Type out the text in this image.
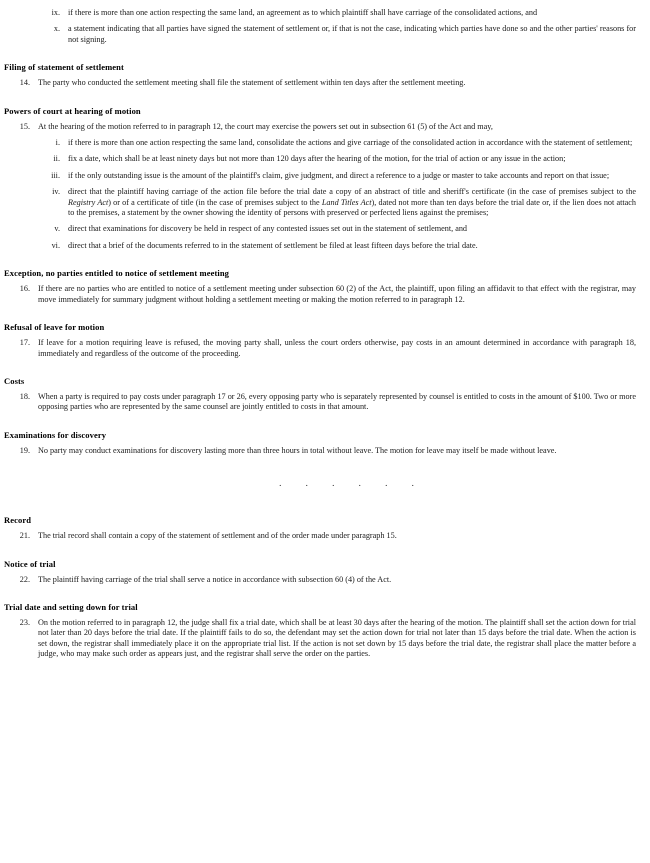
ix. if there is more than one action respecting the same land, an agreement as to which plaintiff shall have carriage of the consolidated actions, and
x. a statement indicating that all parties have signed the statement of settlement or, if that is not the case, indicating which parties have done so and the other parties' reasons for not signing.
Filing of statement of settlement
14. The party who conducted the settlement meeting shall file the statement of settlement within ten days after the settlement meeting.
Powers of court at hearing of motion
15. At the hearing of the motion referred to in paragraph 12, the court may exercise the powers set out in subsection 61 (5) of the Act and may,
i. if there is more than one action respecting the same land, consolidate the actions and give carriage of the consolidated action in accordance with the statement of settlement;
ii. fix a date, which shall be at least ninety days but not more than 120 days after the hearing of the motion, for the trial of action or any issue in the action;
iii. if the only outstanding issue is the amount of the plaintiff's claim, give judgment, and direct a reference to a judge or master to take accounts and report on that issue;
iv. direct that the plaintiff having carriage of the action file before the trial date a copy of an abstract of title and sheriff's certificate (in the case of premises subject to the Registry Act) or of a certificate of title (in the case of premises subject to the Land Titles Act), dated not more than ten days before the trial date or, if the lien does not attach to the premises, a statement by the owner showing the identity of persons with preserved or perfected liens against the premises;
v. direct that examinations for discovery be held in respect of any contested issues set out in the statement of settlement, and
vi. direct that a brief of the documents referred to in the statement of settlement be filed at least fifteen days before the trial date.
Exception, no parties entitled to notice of settlement meeting
16. If there are no parties who are entitled to notice of a settlement meeting under subsection 60 (2) of the Act, the plaintiff, upon filing an affidavit to that effect with the registrar, may move immediately for summary judgment without holding a settlement meeting or making the motion referred to in paragraph 12.
Refusal of leave for motion
17. If leave for a motion requiring leave is refused, the moving party shall, unless the court orders otherwise, pay costs in an amount determined in accordance with paragraph 18, immediately and regardless of the outcome of the proceeding.
Costs
18. When a party is required to pay costs under paragraph 17 or 26, every opposing party who is separately represented by counsel is entitled to costs in the amount of $100. Two or more opposing parties who are represented by the same counsel are jointly entitled to costs in that amount.
Examinations for discovery
19. No party may conduct examinations for discovery lasting more than three hours in total without leave. The motion for leave may itself be made without leave.
. . . . . .
Record
21. The trial record shall contain a copy of the statement of settlement and of the order made under paragraph 15.
Notice of trial
22. The plaintiff having carriage of the trial shall serve a notice in accordance with subsection 60 (4) of the Act.
Trial date and setting down for trial
23. On the motion referred to in paragraph 12, the judge shall fix a trial date, which shall be at least 30 days after the hearing of the motion. The plaintiff shall set the action down for trial not later than 20 days before the trial date. If the plaintiff fails to do so, the defendant may set the action down for trial not later than 15 days before the trial date. When the action is set down, the registrar shall immediately place it on the appropriate trial list. If the action is not set down by 15 days before the trial date, the registrar shall place the matter before a judge, who may make such order as appears just, and the registrar shall serve the order on the parties.
